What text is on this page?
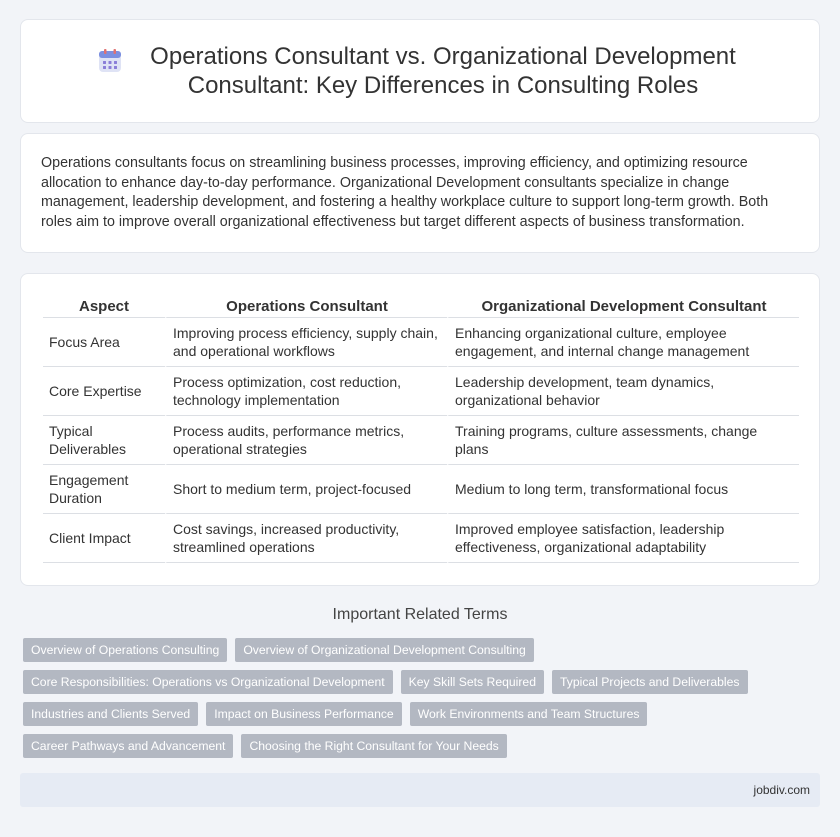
Operations Consultant vs. Organizational Development Consultant: Key Differences in Consulting Roles

Operations consultants focus on streamlining business processes, improving efficiency, and optimizing resource allocation to enhance day-to-day performance. Organizational Development consultants specialize in change management, leadership development, and fostering a healthy workplace culture to support long-term growth. Both roles aim to improve overall organizational effectiveness but target different aspects of business transformation.

Aspect	Operations Consultant	Organizational Development Consultant
Focus Area	Improving process efficiency, supply chain, and operational workflows	Enhancing organizational culture, employee engagement, and internal change management
Core Expertise	Process optimization, cost reduction, technology implementation	Leadership development, team dynamics, organizational behavior
Typical Deliverables	Process audits, performance metrics, operational strategies	Training programs, culture assessments, change plans
Engagement Duration	Short to medium term, project-focused	Medium to long term, transformational focus
Client Impact	Cost savings, increased productivity, streamlined operations	Improved employee satisfaction, leadership effectiveness, organizational adaptability
Important Related Terms
Overview of Operations Consulting	Overview of Organizational Development Consulting
Core Responsibilities: Operations vs Organizational Development	Key Skill Sets Required	Typical Projects and Deliverables
Industries and Clients Served	Impact on Business Performance	Work Environments and Team Structures
Career Pathways and Advancement	Choosing the Right Consultant for Your Needs
jobdiv.com
